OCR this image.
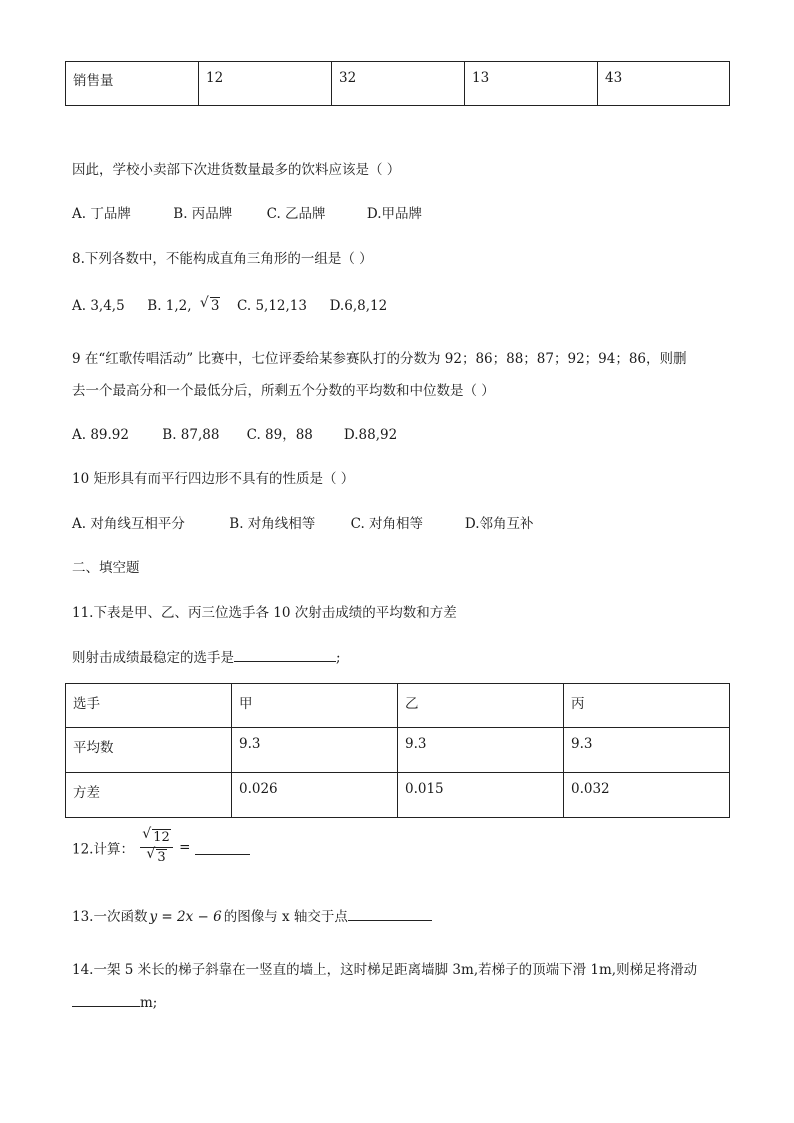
销售量	12	32	13	43
因此，学校小卖部下次进货数量最多的饮料应该是（ ）
A. 丁品牌	B. 丙品牌	C. 乙品牌	D.甲品牌
8.下列各数中，不能构成直角三角形的一组是（ ）
A. 3,4,5 B. 1,2, √ 3 C. 5,12,13 D.6,8,12
9 在“红歌传唱活动” 比赛中，七位评委给某参赛队打的分数为 92；86；88；87；92；94；86，则删
去一个最高分和一个最低分后，所剩五个分数的平均数和中位数是（ ）
A. 89.92 B. 87,88 C. 89，88 D.88,92
10 矩形具有而平行四边形不具有的性质是（ ）
A. 对角线互相平分	B. 对角线相等	C. 对角相等	D.邻角互补
二、填空题
11.下表是甲、乙、丙三位选手各 10 次射击成绩的平均数和方差
则射击成绩最稳定的选手是	;
选手	甲	乙	丙
平均数	9.3	9.3	9.3
方差	0.026	0.015	0.032
12.计算： $\frac{√ 12}{√ 3}$ =
13.一次函数 y = 2x − 6 的图像与 x 轴交于点
14.一架 5 米长的梯子斜靠在一竖直的墙上，这时梯足距离墙脚 3m,若梯子的顶端下滑 1m,则梯足将滑动
m;
